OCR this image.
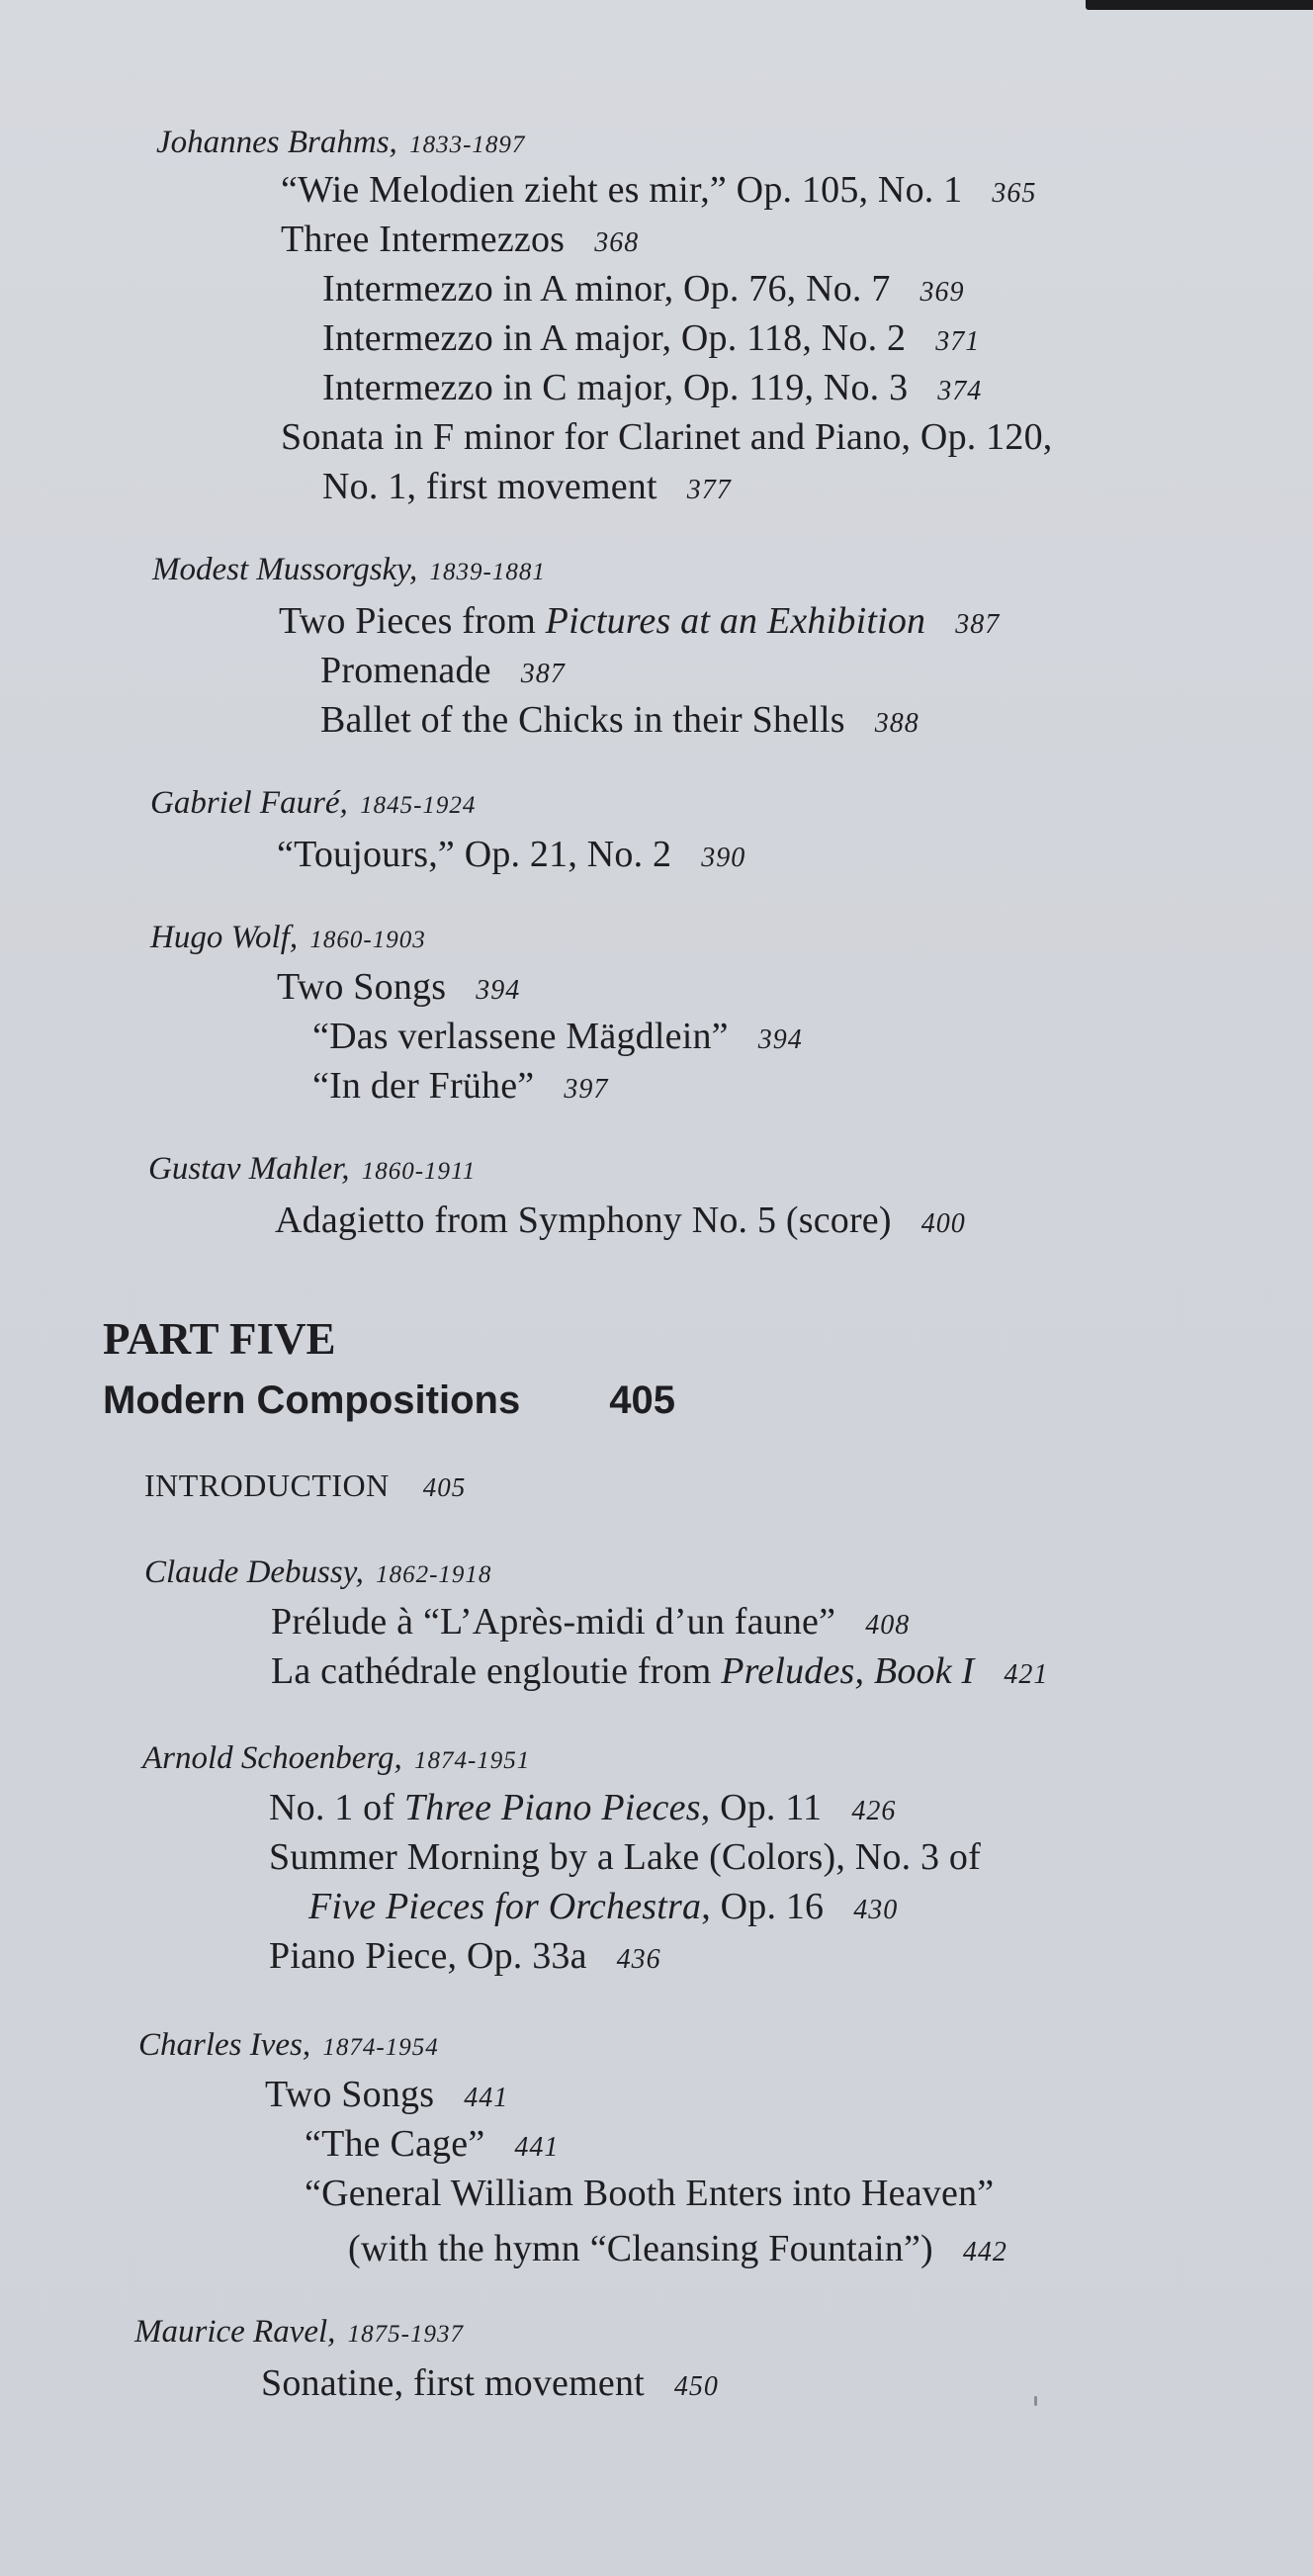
Johannes Brahms, 1833-1897
“Wie Melodien zieht es mir,” Op. 105, No. 1 365
Three Intermezzos 368
Intermezzo in A minor, Op. 76, No. 7 369
Intermezzo in A major, Op. 118, No. 2 371
Intermezzo in C major, Op. 119, No. 3 374
Sonata in F minor for Clarinet and Piano, Op. 120,
No. 1, first movement 377
Modest Mussorgsky, 1839-1881
Two Pieces from Pictures at an Exhibition 387
Promenade 387
Ballet of the Chicks in their Shells 388
Gabriel Fauré, 1845-1924
“Toujours,” Op. 21, No. 2 390
Hugo Wolf, 1860-1903
Two Songs 394
“Das verlassene Mägdlein” 394
“In der Frühe” 397
Gustav Mahler, 1860-1911
Adagietto from Symphony No. 5 (score) 400
PART FIVE
Modern Compositions 405
INTRODUCTION 405
Claude Debussy, 1862-1918
Prélude à “L’Après-midi d’un faune” 408
La cathédrale engloutie from Preludes, Book I 421
Arnold Schoenberg, 1874-1951
No. 1 of Three Piano Pieces, Op. 11 426
Summer Morning by a Lake (Colors), No. 3 of
Five Pieces for Orchestra, Op. 16 430
Piano Piece, Op. 33a 436
Charles Ives, 1874-1954
Two Songs 441
“The Cage” 441
“General William Booth Enters into Heaven”
(with the hymn “Cleansing Fountain”) 442
Maurice Ravel, 1875-1937
Sonatine, first movement 450
